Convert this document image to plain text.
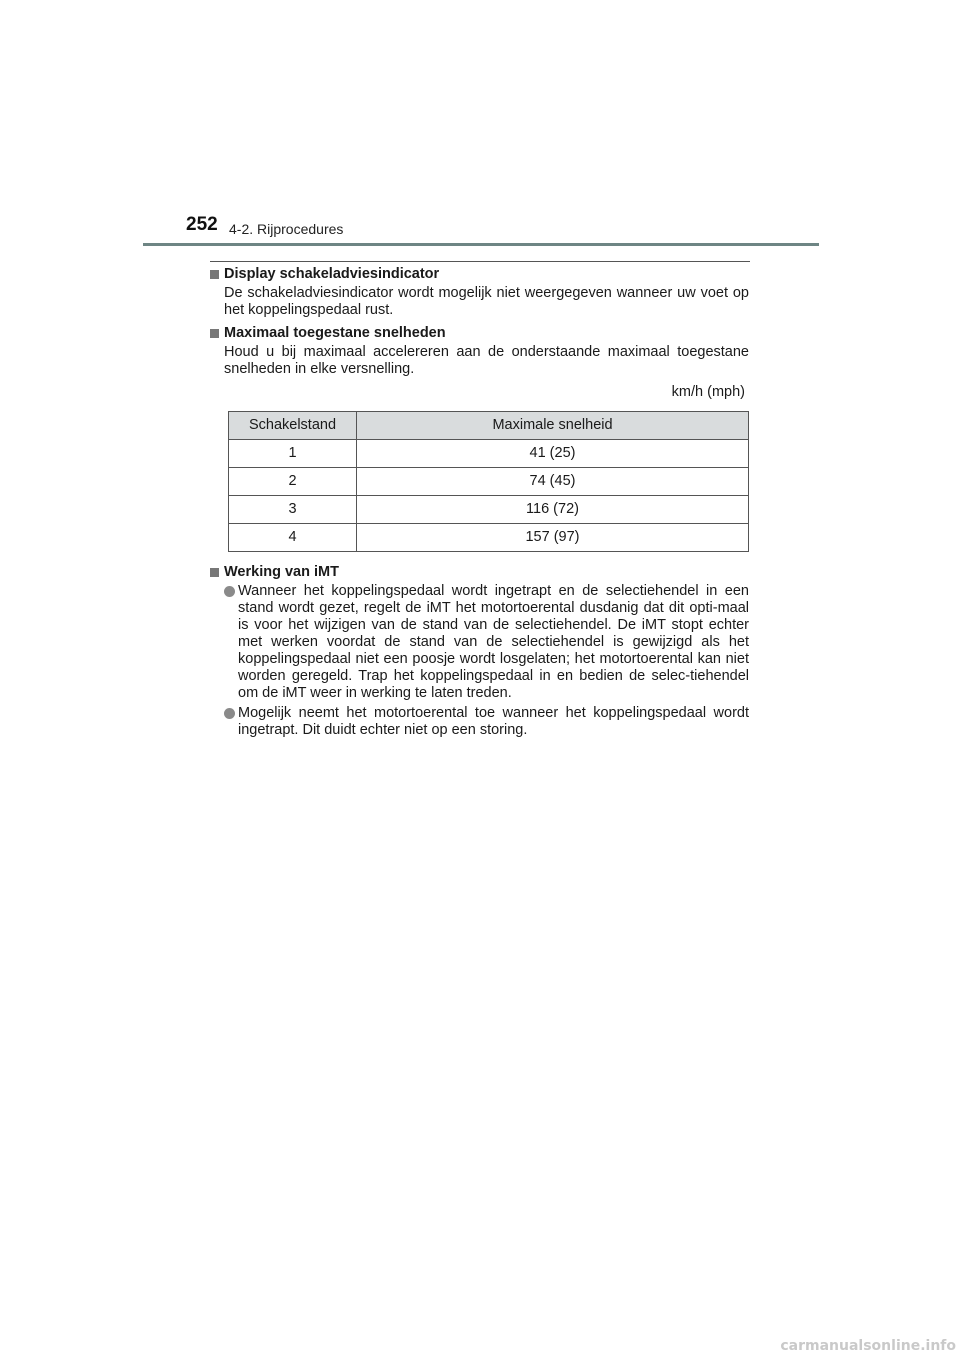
252 4-2. Rijprocedures

Display schakeladviesindicator

De schakeladviesindicator wordt mogelijk niet weergegeven wanneer uw voet op het koppelingspedaal rust.

Maximaal toegestane snelheden

Houd u bij maximaal accelereren aan de onderstaande maximaal toegestane snelheden in elke versnelling.

km/h (mph)
Schakelstand	Maximale snelheid
1	41 (25)
2	74 (45)
3	116 (72)
4	157 (97)

Werking van iMT

Wanneer het koppelingspedaal wordt ingetrapt en de selectiehendel in een stand wordt gezet, regelt de iMT het motortoerental dusdanig dat dit opti-maal is voor het wijzigen van de stand van de selectiehendel. De iMT stopt echter met werken voordat de stand van de selectiehendel is gewijzigd als het koppelingspedaal niet een poosje wordt losgelaten; het motortoerental kan niet worden geregeld. Trap het koppelingspedaal in en bedien de selec-tiehendel om de iMT weer in werking te laten treden.

Mogelijk neemt het motortoerental toe wanneer het koppelingspedaal wordt ingetrapt. Dit duidt echter niet op een storing.

carmanualsonline.info
